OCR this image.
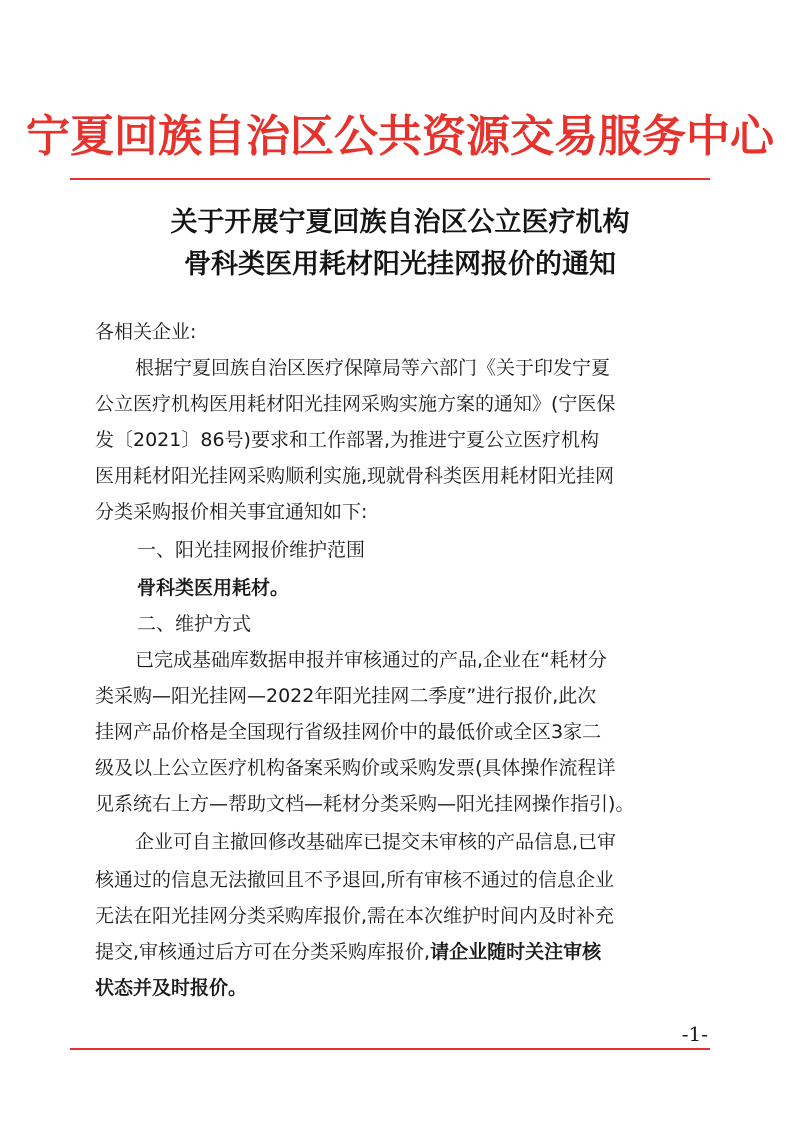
宁夏回族自治区公共资源交易服务中心
关于开展宁夏回族自治区公立医疗机构
骨科类医用耗材阳光挂网报价的通知
各相关企业:
根据宁夏回族自治区医疗保障局等六部门《关于印发宁夏
公立医疗机构医用耗材阳光挂网采购实施方案的通知》(宁医保
发〔2021〕86号)要求和工作部署,为推进宁夏公立医疗机构
医用耗材阳光挂网采购顺利实施,现就骨科类医用耗材阳光挂网
分类采购报价相关事宜通知如下:
一、阳光挂网报价维护范围
骨科类医用耗材。
二、维护方式
已完成基础库数据申报并审核通过的产品,企业在“耗材分
类采购—阳光挂网—2022年阳光挂网二季度”进行报价,此次
挂网产品价格是全国现行省级挂网价中的最低价或全区3家二
级及以上公立医疗机构备案采购价或采购发票(具体操作流程详
见系统右上方—帮助文档—耗材分类采购—阳光挂网操作指引)。
企业可自主撤回修改基础库已提交未审核的产品信息,已审
核通过的信息无法撤回且不予退回,所有审核不通过的信息企业
无法在阳光挂网分类采购库报价,需在本次维护时间内及时补充
提交,审核通过后方可在分类采购库报价,请企业随时关注审核
状态并及时报价。
-1-
